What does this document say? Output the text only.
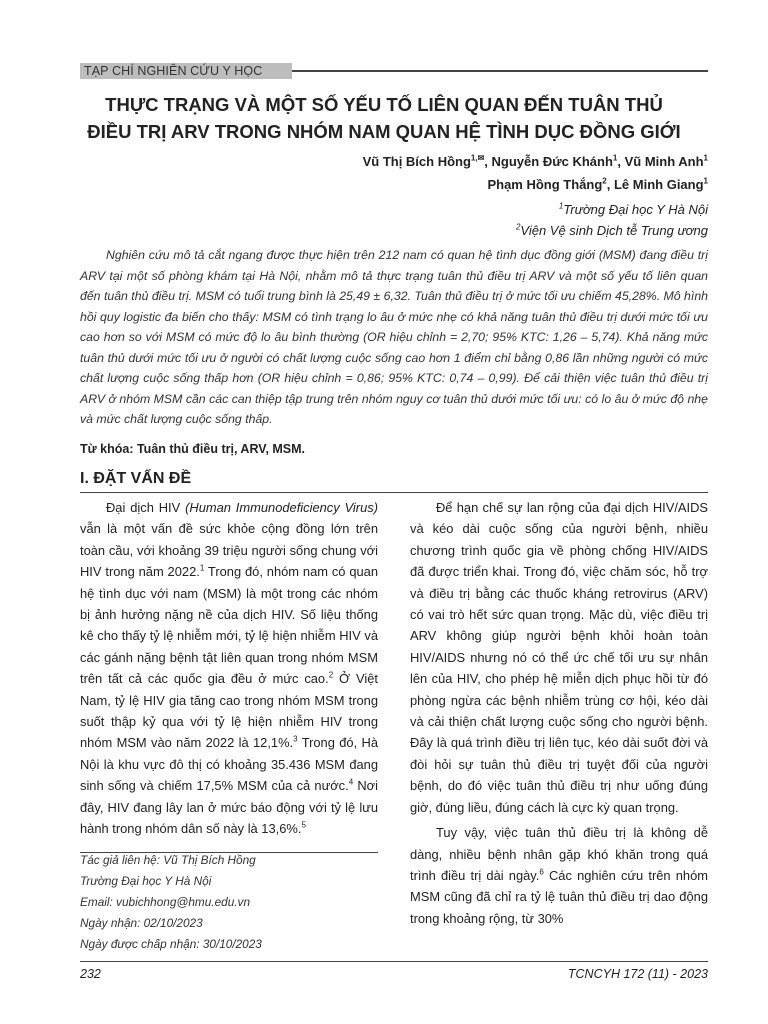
TẠP CHÍ NGHIÊN CỨU Y HỌC
THỰC TRẠNG VÀ MỘT SỐ YẾU TỐ LIÊN QUAN ĐẾN TUÂN THỦ
ĐIỀU TRỊ ARV TRONG NHÓM NAM QUAN HỆ TÌNH DỤC ĐỒNG GIỚI
Vũ Thị Bích Hồng$^{1,✉}$, Nguyễn Đức Khánh$^1$, Vũ Minh Anh$^1$
Phạm Hồng Thắng$^2$, Lê Minh Giang$^1$
$^1$Trường Đại học Y Hà Nội
$^2$Viện Vệ sinh Dịch tễ Trung ương

Nghiên cứu mô tả cắt ngang được thực hiện trên 212 nam có quan hệ tình dục đồng giới (MSM) đang điều trị ARV tại một số phòng khám tại Hà Nội, nhằm mô tả thực trạng tuân thủ điều trị ARV và một số yếu tố liên quan đến tuân thủ điều trị. MSM có tuổi trung bình là 25,49 ± 6,32. Tuân thủ điều trị ở mức tối ưu chiếm 45,28%. Mô hình hồi quy logistic đa biến cho thấy: MSM có tình trạng lo âu ở mức nhẹ có khả năng tuân thủ điều trị dưới mức tối ưu cao hơn so với MSM có mức độ lo âu bình thường (OR hiệu chỉnh = 2,70; 95% KTC: 1,26 – 5,74). Khả năng mức tuân thủ dưới mức tối ưu ở người có chất lượng cuộc sống cao hơn 1 điểm chỉ bằng 0,86 lần những người có mức chất lượng cuộc sống thấp hơn (OR hiệu chỉnh = 0,86; 95% KTC: 0,74 – 0,99). Để cải thiện việc tuân thủ điều trị ARV ở nhóm MSM cần các can thiệp tập trung trên nhóm nguy cơ tuân thủ dưới mức tối ưu: có lo âu ở mức độ nhẹ và mức chất lượng cuộc sống thấp.

Từ khóa: Tuân thủ điều trị, ARV, MSM.

I. ĐẶT VẤN ĐỀ

Đại dịch HIV (Human Immunodeficiency Virus) vẫn là một vấn đề sức khỏe cộng đồng lớn trên toàn cầu, với khoảng 39 triệu người sống chung với HIV trong năm 2022.$^1$ Trong đó, nhóm nam có quan hệ tình dục với nam (MSM) là một trong các nhóm bị ảnh hưởng nặng nề của dịch HIV. Số liệu thống kê cho thấy tỷ lệ nhiễm mới, tỷ lệ hiện nhiễm HIV và các gánh nặng bệnh tật liên quan trong nhóm MSM trên tất cả các quốc gia đều ở mức cao.$^2$ Ở Việt Nam, tỷ lệ HIV gia tăng cao trong nhóm MSM trong suốt thập kỷ qua với tỷ lệ hiện nhiễm HIV trong nhóm MSM vào năm 2022 là 12,1%.$^3$ Trong đó, Hà Nội là khu vực đô thị có khoảng 35.436 MSM đang sinh sống và chiếm 17,5% MSM của cả nước.$^4$ Nơi đây, HIV đang lây lan ở mức báo động với tỷ lệ lưu hành trong nhóm dân số này là 13,6%.$^5$

Tác giả liên hệ: Vũ Thị Bích Hồng
Trường Đại học Y Hà Nội
Email: vubichhong@hmu.edu.vn
Ngày nhận: 02/10/2023
Ngày được chấp nhận: 30/10/2023

Để hạn chế sự lan rộng của đại dịch HIV/AIDS và kéo dài cuộc sống của người bệnh, nhiều chương trình quốc gia về phòng chống HIV/AIDS đã được triển khai. Trong đó, việc chăm sóc, hỗ trợ và điều trị bằng các thuốc kháng retrovirus (ARV) có vai trò hết sức quan trọng. Mặc dù, việc điều trị ARV không giúp người bệnh khỏi hoàn toàn HIV/AIDS nhưng nó có thể ức chế tối ưu sự nhân lên của HIV, cho phép hệ miễn dịch phục hồi từ đó phòng ngừa các bệnh nhiễm trùng cơ hội, kéo dài và cải thiện chất lượng cuộc sống cho người bệnh. Đây là quá trình điều trị liên tục, kéo dài suốt đời và đòi hỏi sự tuân thủ điều trị tuyệt đối của người bệnh, do đó việc tuân thủ điều trị như uống đúng giờ, đúng liều, đúng cách là cực kỳ quan trọng.

Tuy vậy, việc tuân thủ điều trị là không dễ dàng, nhiều bệnh nhân gặp khó khăn trong quá trình điều trị dài ngày.$^6$ Các nghiên cứu trên nhóm MSM cũng đã chỉ ra tỷ lệ tuân thủ điều trị dao động trong khoảng rộng, từ 30%

232	TCNCYH 172 (11) - 2023
